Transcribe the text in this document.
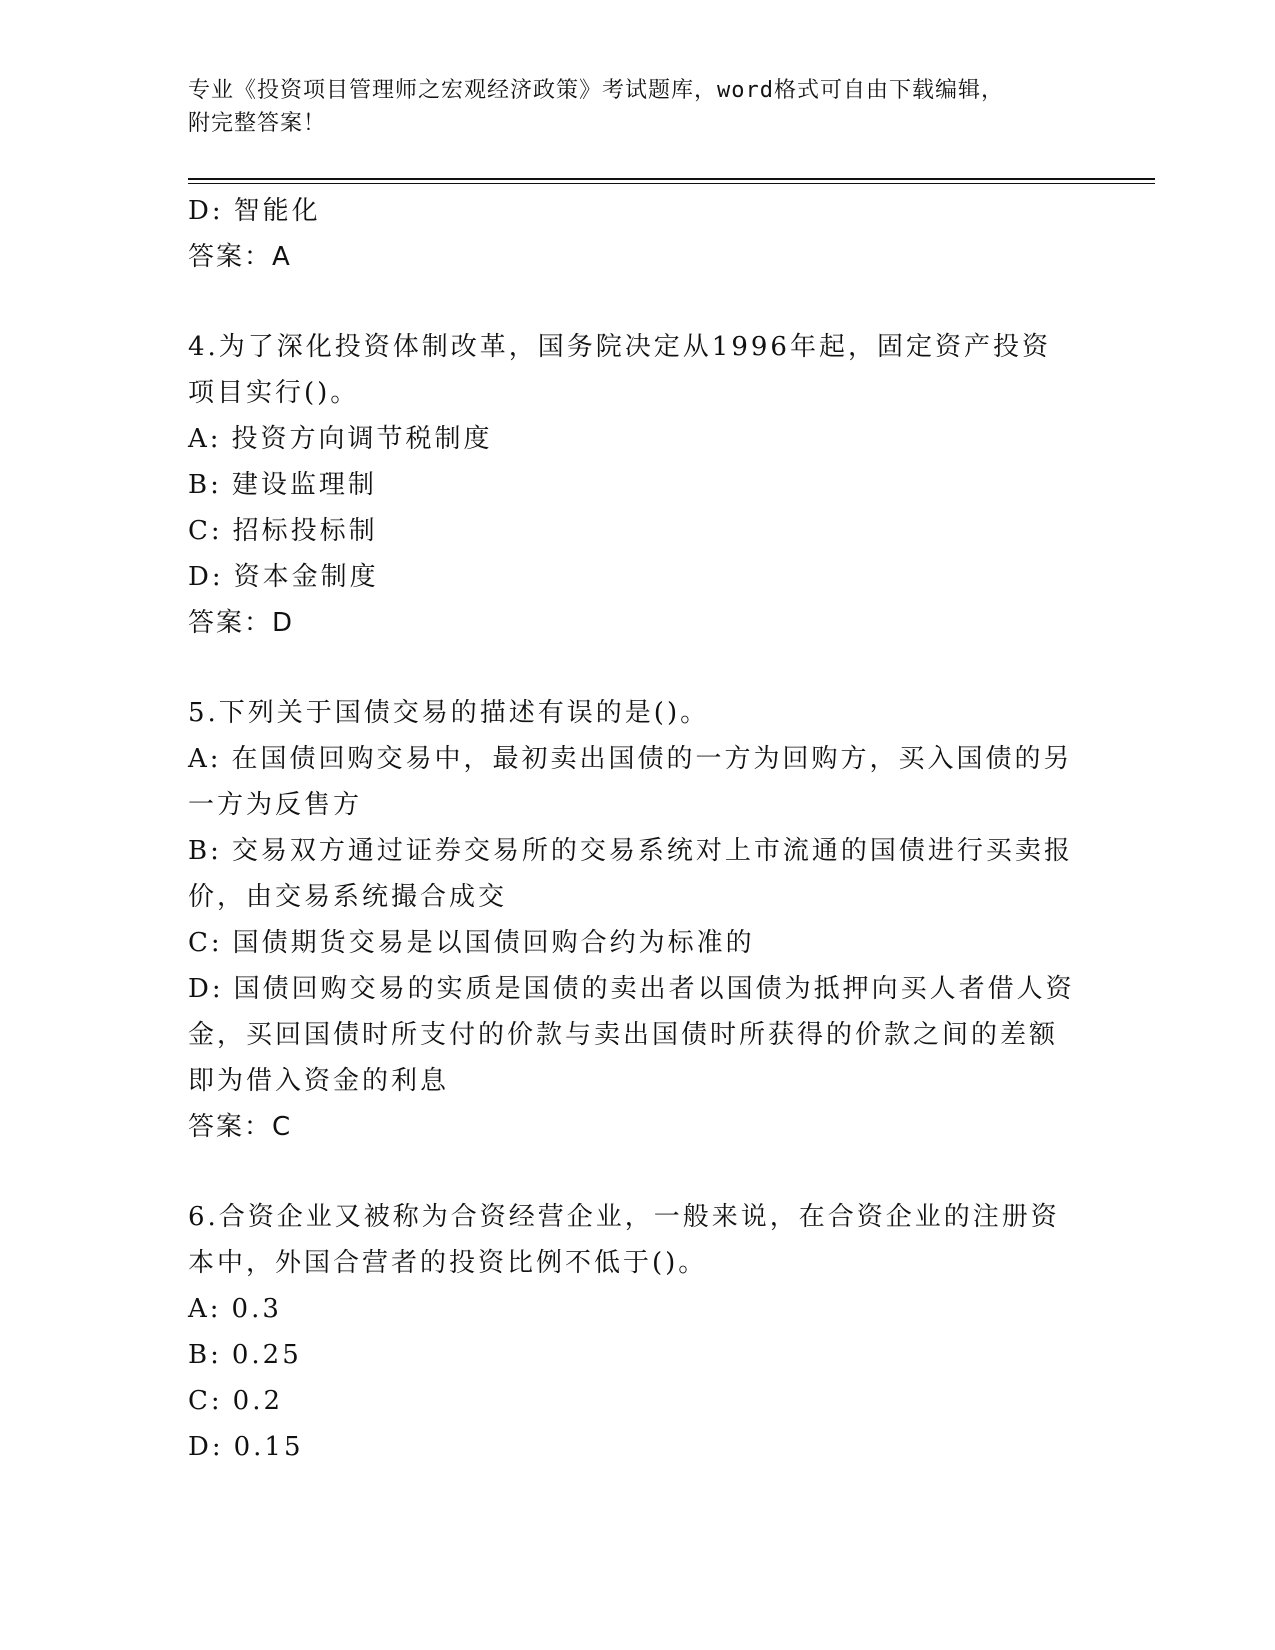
专业《投资项目管理师之宏观经济政策》考试题库，word格式可自由下载编辑，
附完整答案！
D: 智能化
答案：A
4.为了深化投资体制改革，国务院决定从1996年起，固定资产投资项目实行()。
A: 投资方向调节税制度
B: 建设监理制
C: 招标投标制
D: 资本金制度
答案：D
5.下列关于国债交易的描述有误的是()。
A: 在国债回购交易中，最初卖出国债的一方为回购方，买入国债的另一方为反售方
B: 交易双方通过证券交易所的交易系统对上市流通的国债进行买卖报价，由交易系统撮合成交
C: 国债期货交易是以国债回购合约为标准的
D: 国债回购交易的实质是国债的卖出者以国债为抵押向买人者借人资金，买回国债时所支付的价款与卖出国债时所获得的价款之间的差额即为借入资金的利息
答案：C
6.合资企业又被称为合资经营企业，一般来说，在合资企业的注册资本中，外国合营者的投资比例不低于()。
A: 0.3
B: 0.25
C: 0.2
D: 0.15
